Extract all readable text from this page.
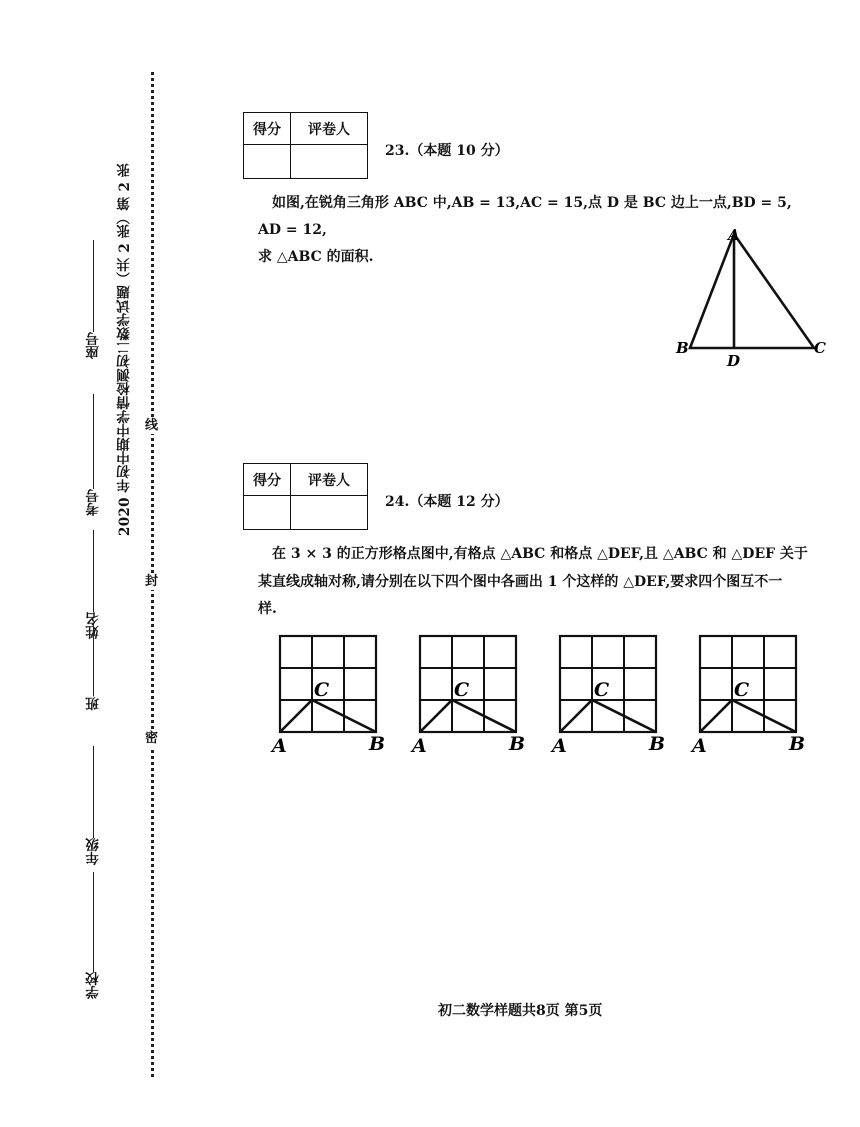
线
封
密
2020 年初中期中学情检测初二数学试题（共 2 张）第 2 张
座号
考号
姓名
班
年级
学校
得分	评卷人

23.（本题 10 分）
如图,在锐角三角形 ABC 中,AB = 13,AC = 15,点 D 是 BC 边上一点,BD = 5,
AD = 12,
求 △ABC 的面积.
A
B	C
D
得分	评卷人

24.（本题 12 分）
在 3 × 3 的正方形格点图中,有格点 △ABC 和格点 △DEF,且 △ABC 和 △DEF 关于
某直线成轴对称,请分别在以下四个图中各画出 1 个这样的 △DEF,要求四个图互不一
样.
C
A	B
C
A	B
C
A	B
C
A	B
初二数学样题共8页 第5页
